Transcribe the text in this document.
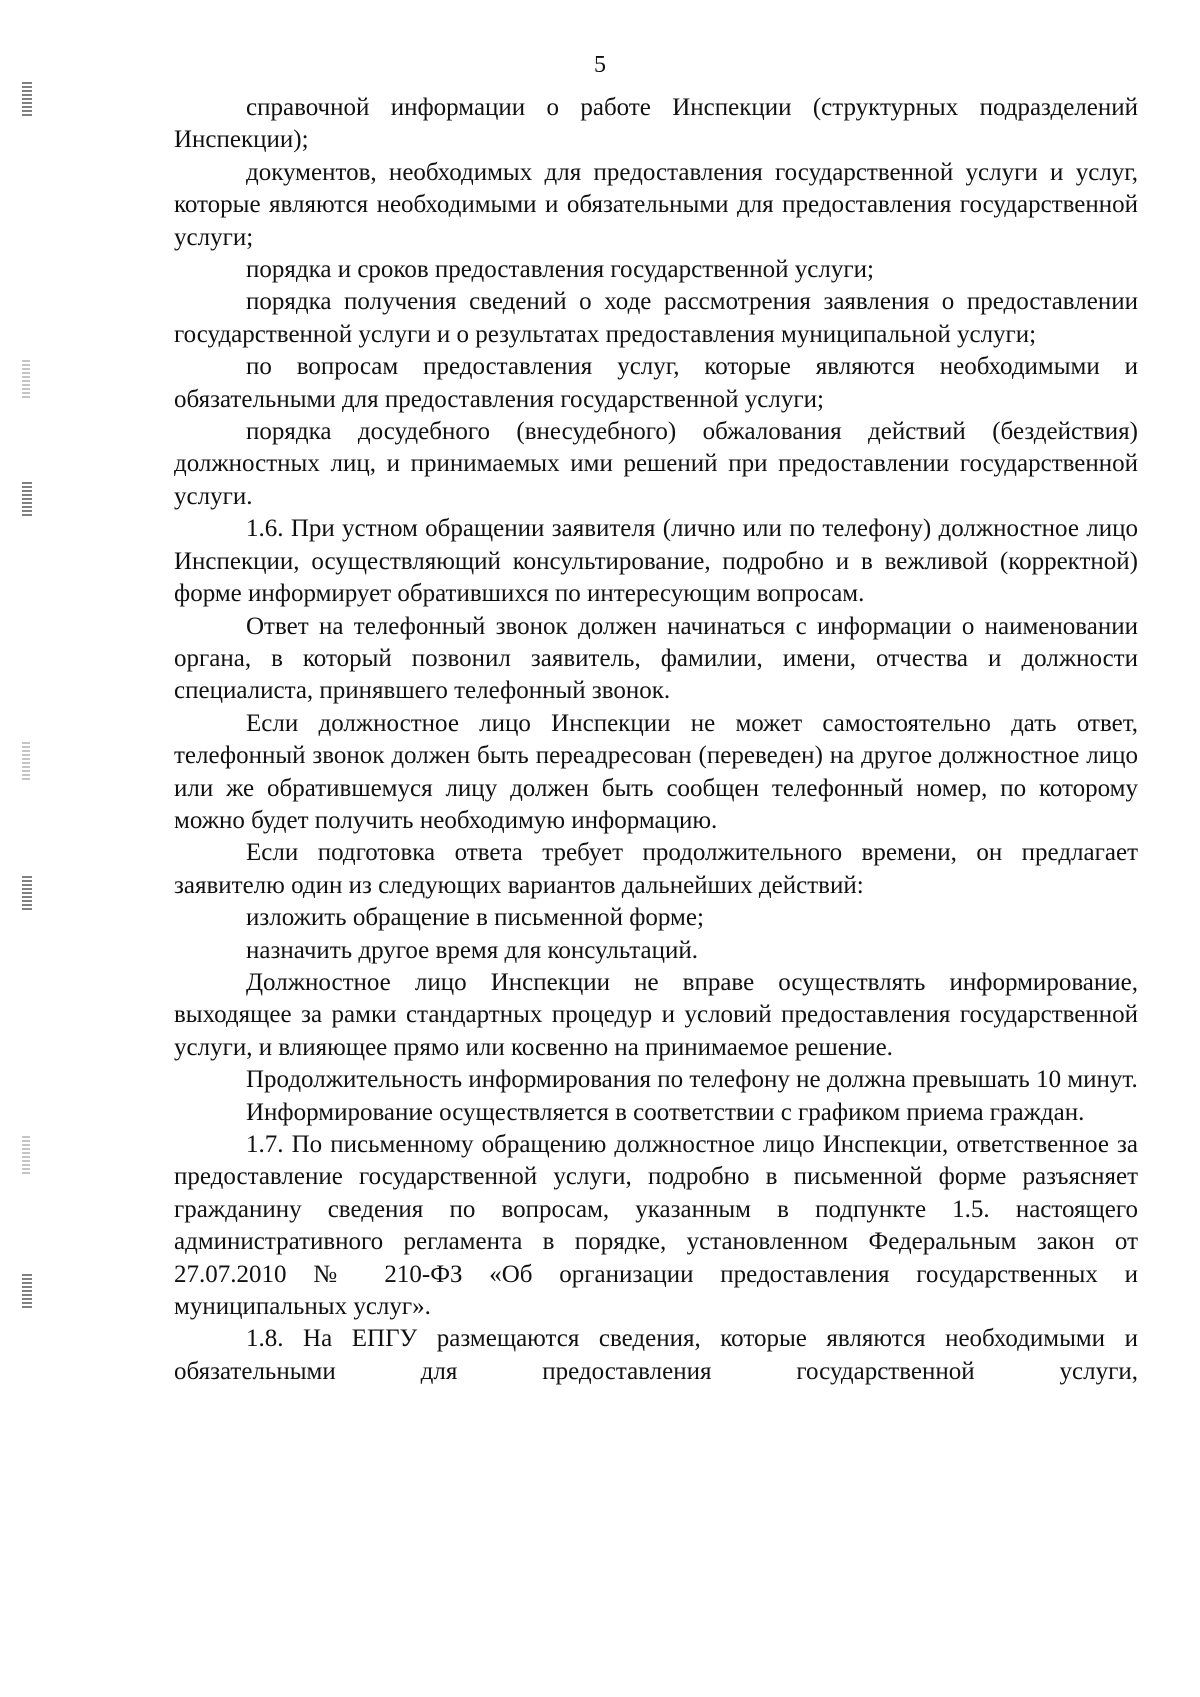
5

справочной информации о работе Инспекции (структурных подразделений Инспекции);

документов, необходимых для предоставления государственной услуги и услуг, которые являются необходимыми и обязательными для предоставления государственной услуги;

порядка и сроков предоставления государственной услуги;

порядка получения сведений о ходе рассмотрения заявления о предоставлении государственной услуги и о результатах предоставления муниципальной услуги;

по вопросам предоставления услуг, которые являются необходимыми и обязательными для предоставления государственной услуги;

порядка досудебного (внесудебного) обжалования действий (бездействия) должностных лиц, и принимаемых ими решений при предоставлении государственной услуги.

1.6. При устном обращении заявителя (лично или по телефону) должностное лицо Инспекции, осуществляющий консультирование, подробно и в вежливой (корректной) форме информирует обратившихся по интересующим вопросам.

Ответ на телефонный звонок должен начинаться с информации о наименовании органа, в который позвонил заявитель, фамилии, имени, отчества и должности специалиста, принявшего телефонный звонок.

Если должностное лицо Инспекции не может самостоятельно дать ответ, телефонный звонок должен быть переадресован (переведен) на другое должностное лицо или же обратившемуся лицу должен быть сообщен телефонный номер, по которому можно будет получить необходимую информацию.

Если подготовка ответа требует продолжительного времени, он предлагает заявителю один из следующих вариантов дальнейших действий:

изложить обращение в письменной форме;

назначить другое время для консультаций.

Должностное лицо Инспекции не вправе осуществлять информирование, выходящее за рамки стандартных процедур и условий предоставления государственной услуги, и влияющее прямо или косвенно на принимаемое решение.

Продолжительность информирования по телефону не должна превышать 10 минут.

Информирование осуществляется в соответствии с графиком приема граждан.

1.7. По письменному обращению должностное лицо Инспекции, ответственное за предоставление государственной услуги, подробно в письменной форме разъясняет гражданину сведения по вопросам, указанным в подпункте 1.5. настоящего административного регламента в порядке, установленном Федеральным закон от 27.07.2010 № 210-ФЗ «Об организации предоставления государственных и муниципальных услуг».

1.8. На ЕПГУ размещаются сведения, которые являются необходимыми и обязательными для предоставления государственной услуги,
